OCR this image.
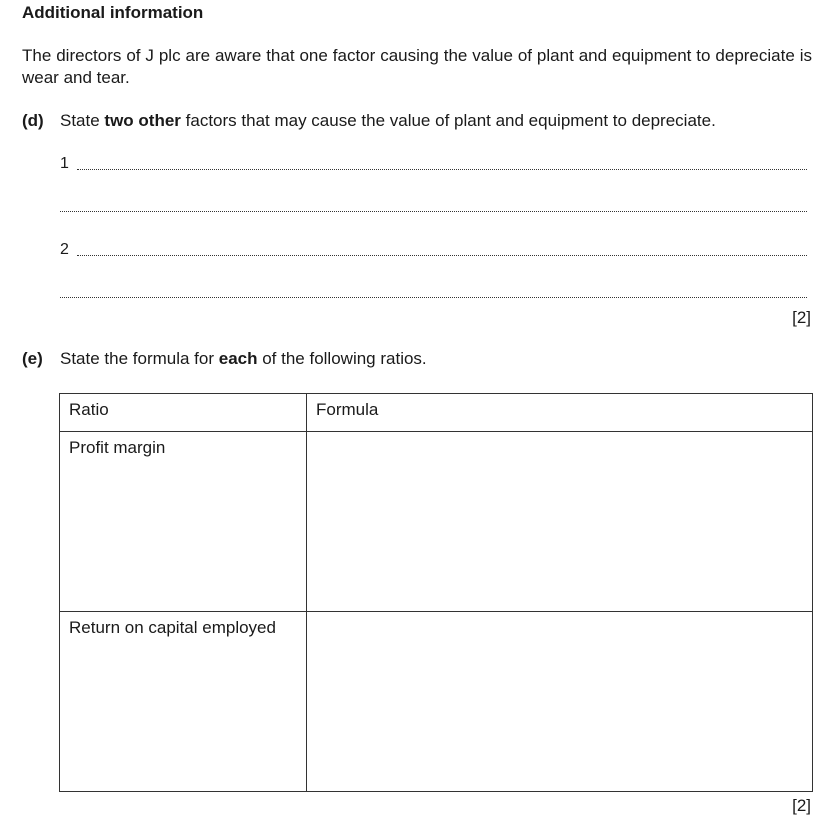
Additional information
The directors of J plc are aware that one factor causing the value of plant and equipment to depreciate is wear and tear.
(d) State two other factors that may cause the value of plant and equipment to depreciate.
1
2
[2]
(e) State the formula for each of the following ratios.
Ratio	Formula
Profit margin	
Return on capital employed	
[2]
